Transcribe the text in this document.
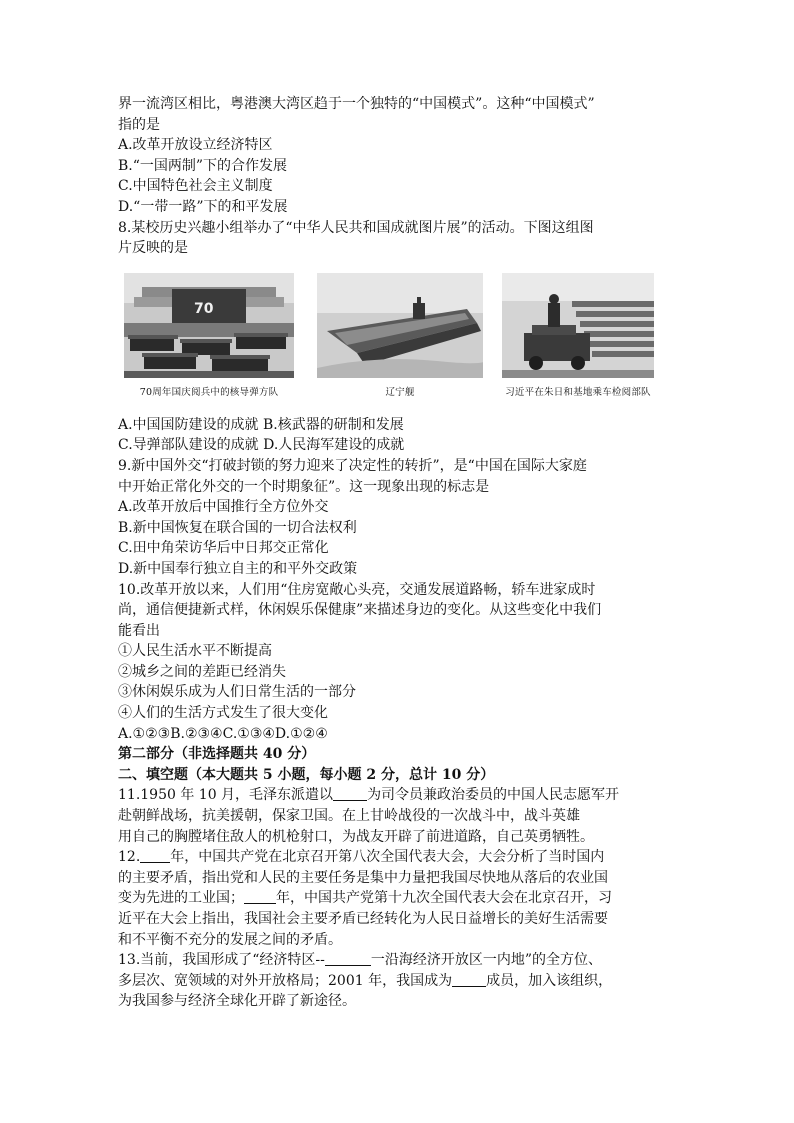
界一流湾区相比，粤港澳大湾区趋于一个独特的“中国模式”。这种“中国模式”
指的是
A.改革开放设立经济特区
B.“一国两制”下的合作发展
C.中国特色社会主义制度
D.“一带一路”下的和平发展
8.某校历史兴趣小组举办了“中华人民共和国成就图片展”的活动。下图这组图
片反映的是
70
70周年国庆阅兵中的核导弹方队	辽宁舰	习近平在朱日和基地乘车检阅部队
A.中国国防建设的成就 B.核武器的研制和发展
C.导弹部队建设的成就 D.人民海军建设的成就
9.新中国外交“打破封锁的努力迎来了决定性的转折”，是“中国在国际大家庭
中开始正常化外交的一个时期象征”。这一现象出现的标志是
A.改革开放后中国推行全方位外交
B.新中国恢复在联合国的一切合法权利
C.田中角荣访华后中日邦交正常化
D.新中国奉行独立自主的和平外交政策
10.改革开放以来，人们用“住房宽敞心头亮，交通发展道路畅，轿车进家成时
尚，通信便捷新式样，休闲娱乐保健康”来描述身边的变化。从这些变化中我们
能看出
①人民生活水平不断提高
②城乡之间的差距已经消失
③休闲娱乐成为人们日常生活的一部分
④人们的生活方式发生了很大变化
A.①②③B.②③④C.①③④D.①②④
第二部分（非选择题共 40 分）
二、填空题（本大题共 5 小题，每小题 2 分，总计 10 分）
11.1950 年 10 月，毛泽东派遣以 为司令员兼政治委员的中国人民志愿军开
赴朝鲜战场，抗美援朝，保家卫国。在上甘岭战役的一次战斗中，战斗英雄
用自己的胸膛堵住敌人的机枪射口，为战友开辟了前进道路，自己英勇牺牲。
12. 年，中国共产党在北京召开第八次全国代表大会，大会分析了当时国内
的主要矛盾，指出党和人民的主要任务是集中力量把我国尽快地从落后的农业国
变为先进的工业国； 年，中国共产党第十九次全国代表大会在北京召开，习
近平在大会上指出，我国社会主要矛盾已经转化为人民日益增长的美好生活需要
和不平衡不充分的发展之间的矛盾。
13.当前，我国形成了“经济特区--	一沿海经济开放区一内地”的全方位、
多层次、宽领域的对外开放格局；2001 年，我国成为 成员，加入该组织，
为我国参与经济全球化开辟了新途径。
